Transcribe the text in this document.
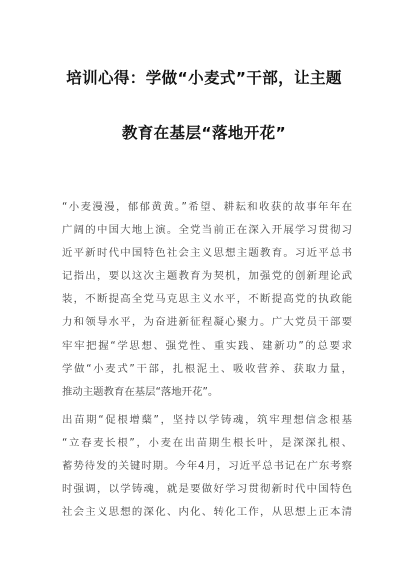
培训心得：学做“小麦式”干部，让主题
教育在基层“落地开花”
“小麦漫漫，郁郁黄黄。”希望、耕耘和收获的故事年年在
广阔的中国大地上演。全党当前正在深入开展学习贯彻习
近平新时代中国特色社会主义思想主题教育。习近平总书
记指出，要以这次主题教育为契机，加强党的创新理论武
装，不断提高全党马克思主义水平，不断提高党的执政能
力和领导水平，为奋进新征程凝心聚力。广大党员干部要
牢牢把握“学思想、强党性、重实践、建新功”的总要求
学做“小麦式”干部，扎根泥土、吸收营养、获取力量，
推动主题教育在基层“落地开花”。
出苗期“促根增蘖”，坚持以学铸魂，筑牢理想信念根基
“立春麦长根”，小麦在出苗期生根长叶，是深深扎根、
蓄势待发的关键时期。今年4月，习近平总书记在广东考察
时强调，以学铸魂，就是要做好学习贯彻新时代中国特色
社会主义思想的深化、内化、转化工作，从思想上正本清
